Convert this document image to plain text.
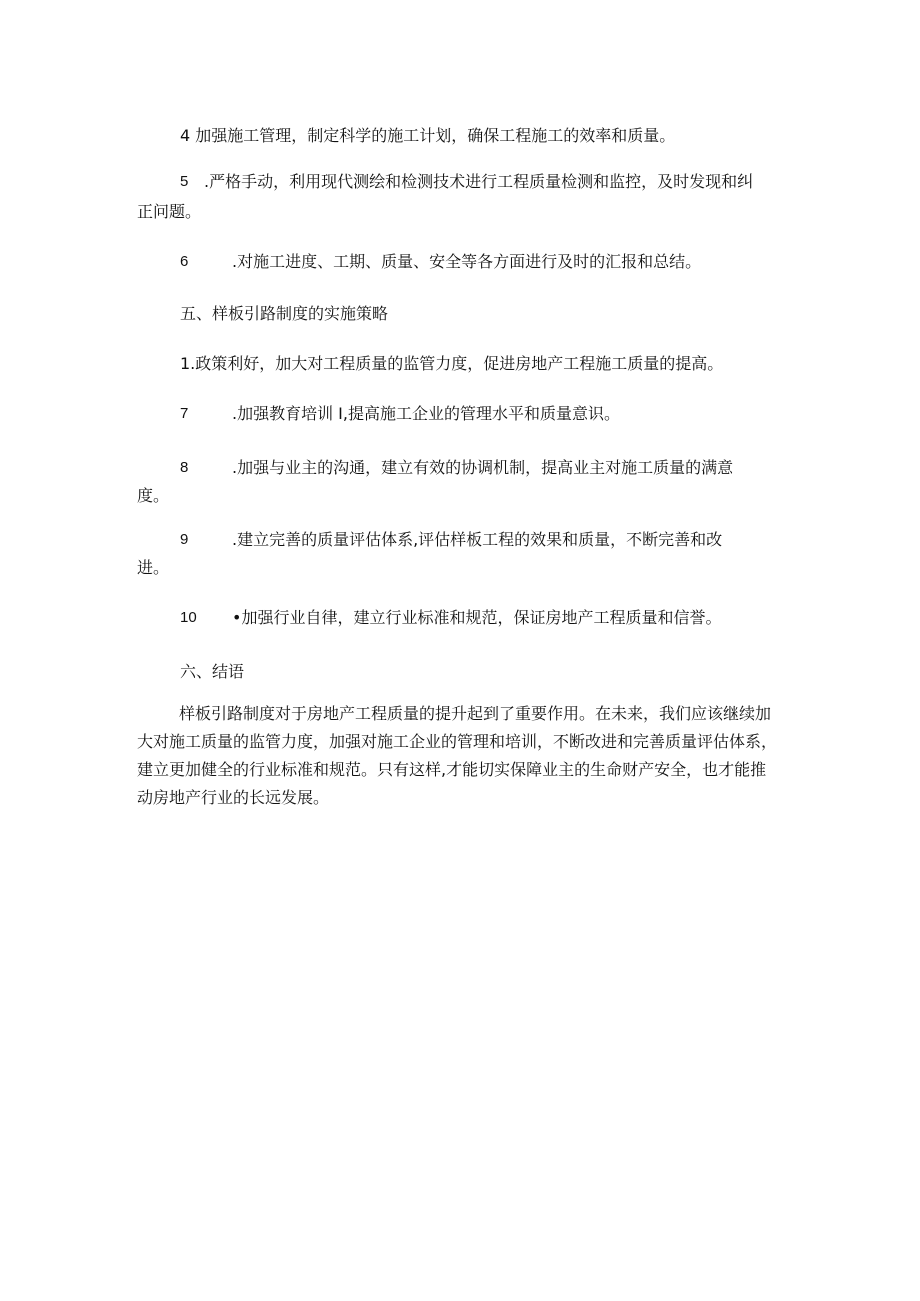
4 加强施工管理，制定科学的施工计划，确保工程施工的效率和质量。
5 .严格手动，利用现代测绘和检测技术进行工程质量检测和监控，及时发现和纠
正问题。
6	.对施工进度、工期、质量、安全等各方面进行及时的汇报和总结。
五、样板引路制度的实施策略
1.政策利好，加大对工程质量的监管力度，促进房地产工程施工质量的提高。
7	.加强教育培训 I,提高施工企业的管理水平和质量意识。
8	.加强与业主的沟通，建立有效的协调机制，提高业主对施工质量的满意
度。
9	.建立完善的质量评估体系,评估样板工程的效果和质量，不断完善和改
进。
10 •加强行业自律，建立行业标准和规范，保证房地产工程质量和信誉。
六、结语

样板引路制度对于房地产工程质量的提升起到了重要作用。在未来，我们应该继续加大对施工质量的监管力度，加强对施工企业的管理和培训，不断改进和完善质量评估体系，建立更加健全的行业标准和规范。只有这样,才能切实保障业主的生命财产安全，也才能推动房地产行业的长远发展。
